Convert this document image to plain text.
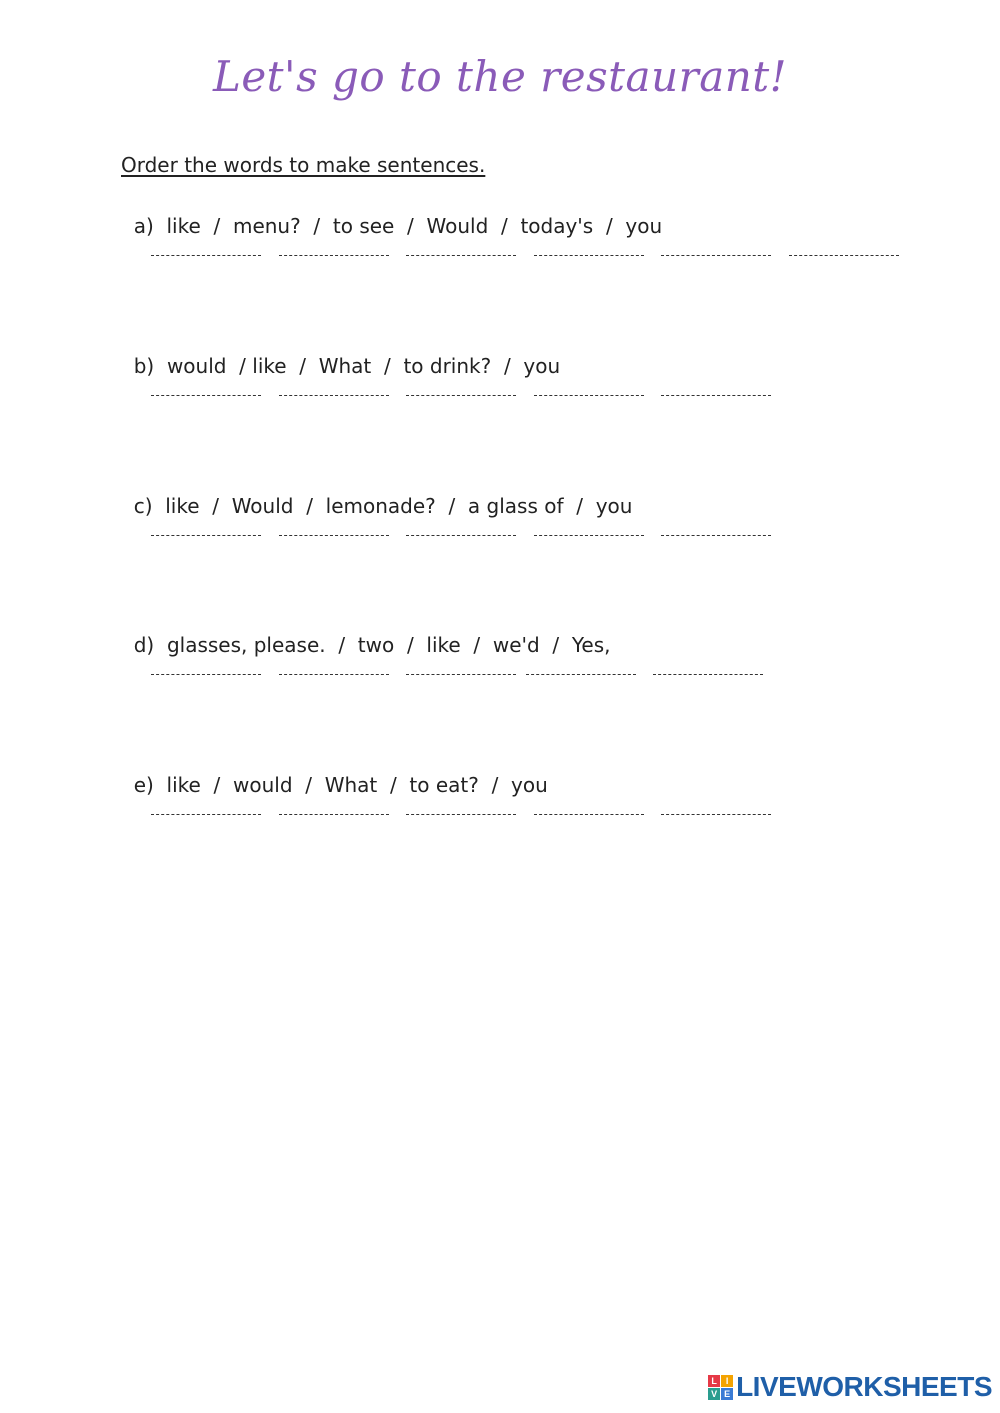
Let's go to the restaurant!
Order the words to make sentences.

a) like  /  menu?  /  to see  /  Would  /  today's  /  you

b) would  / like  /  What  /  to drink?  /  you

c) like  /  Would  /  lemonade?  /  a glass of  /  you

d) glasses, please.  /  two  /  like  /  we'd  /  Yes,

e) like  /  would  /  What  /  to eat?  /  you

L I
V E LIVEWORKSHEETS
